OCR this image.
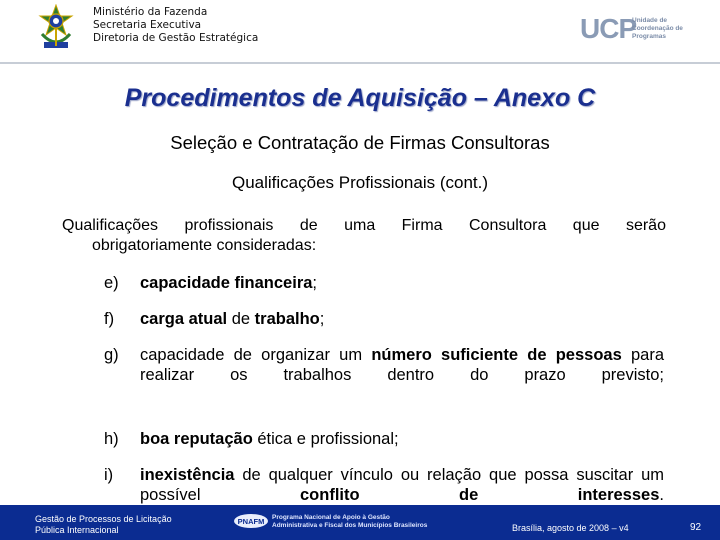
Ministério da Fazenda
Secretaria Executiva
Diretoria de Gestão Estratégica	UCP
Unidade de
Coordenação de
Programas
Procedimentos de Aquisição – Anexo C
Seleção e Contratação de Firmas Consultoras
Qualificações Profissionais (cont.)
Qualificações profissionais de uma Firma Consultora que serão
obrigatoriamente consideradas:
e) capacidade financeira;
f) carga atual de trabalho;
g) capacidade de organizar um número suficiente de pessoas para realizar os trabalhos dentro do prazo previsto;
h) boa reputação ética e profissional;
i) inexistência de qualquer vínculo ou relação que possa suscitar um possível conflito de interesses.
Gestão de Processos de Licitação
Pública Internacional
PNAFM Programa Nacional de Apoio à Gestão
Administrativa e Fiscal dos Municípios Brasileiros	Brasília, agosto de 2008 – v4	92
